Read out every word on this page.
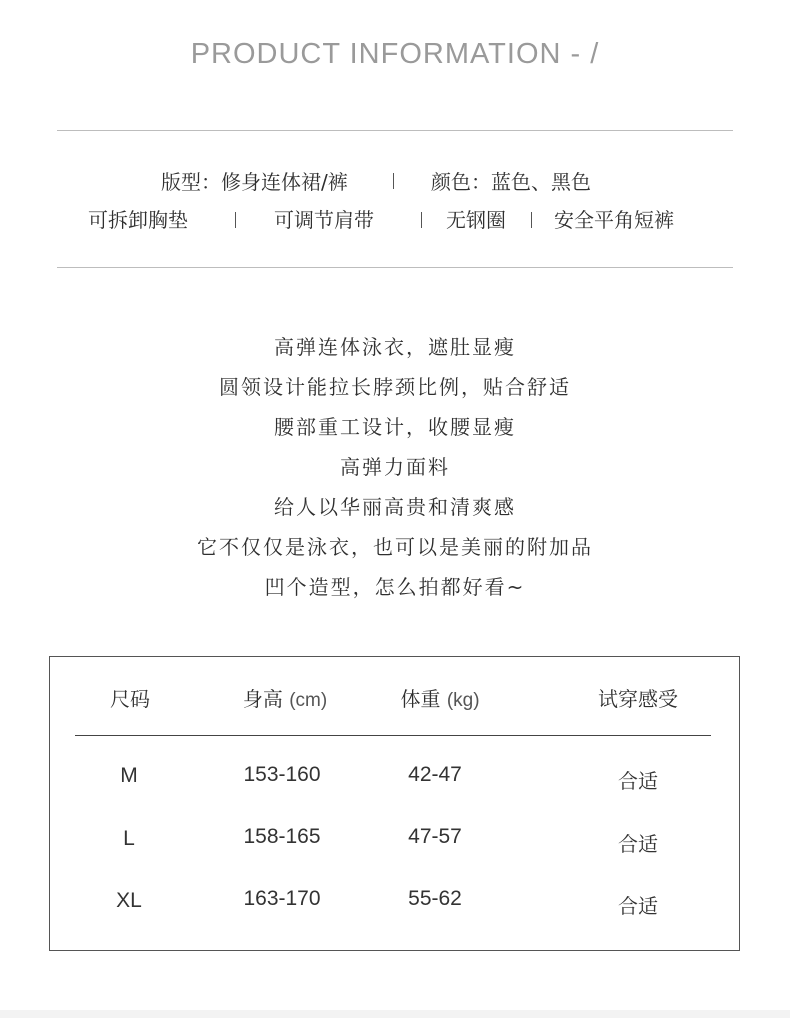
PRODUCT INFORMATION - /
版型：修身连体裙/裤	颜色：蓝色、黑色
可拆卸胸垫	可调节肩带	无钢圈 安全平角短裤
高弹连体泳衣，遮肚显瘦
圆领设计能拉长脖颈比例，贴合舒适
腰部重工设计，收腰显瘦
高弹力面料
给人以华丽高贵和清爽感
它不仅仅是泳衣，也可以是美丽的附加品
凹个造型，怎么拍都好看~
尺码	身高 (cm)	体重 (kg)	试穿感受
M	153-160	42-47	合适
L	158-165	47-57	合适
XL	163-170	55-62	合适
